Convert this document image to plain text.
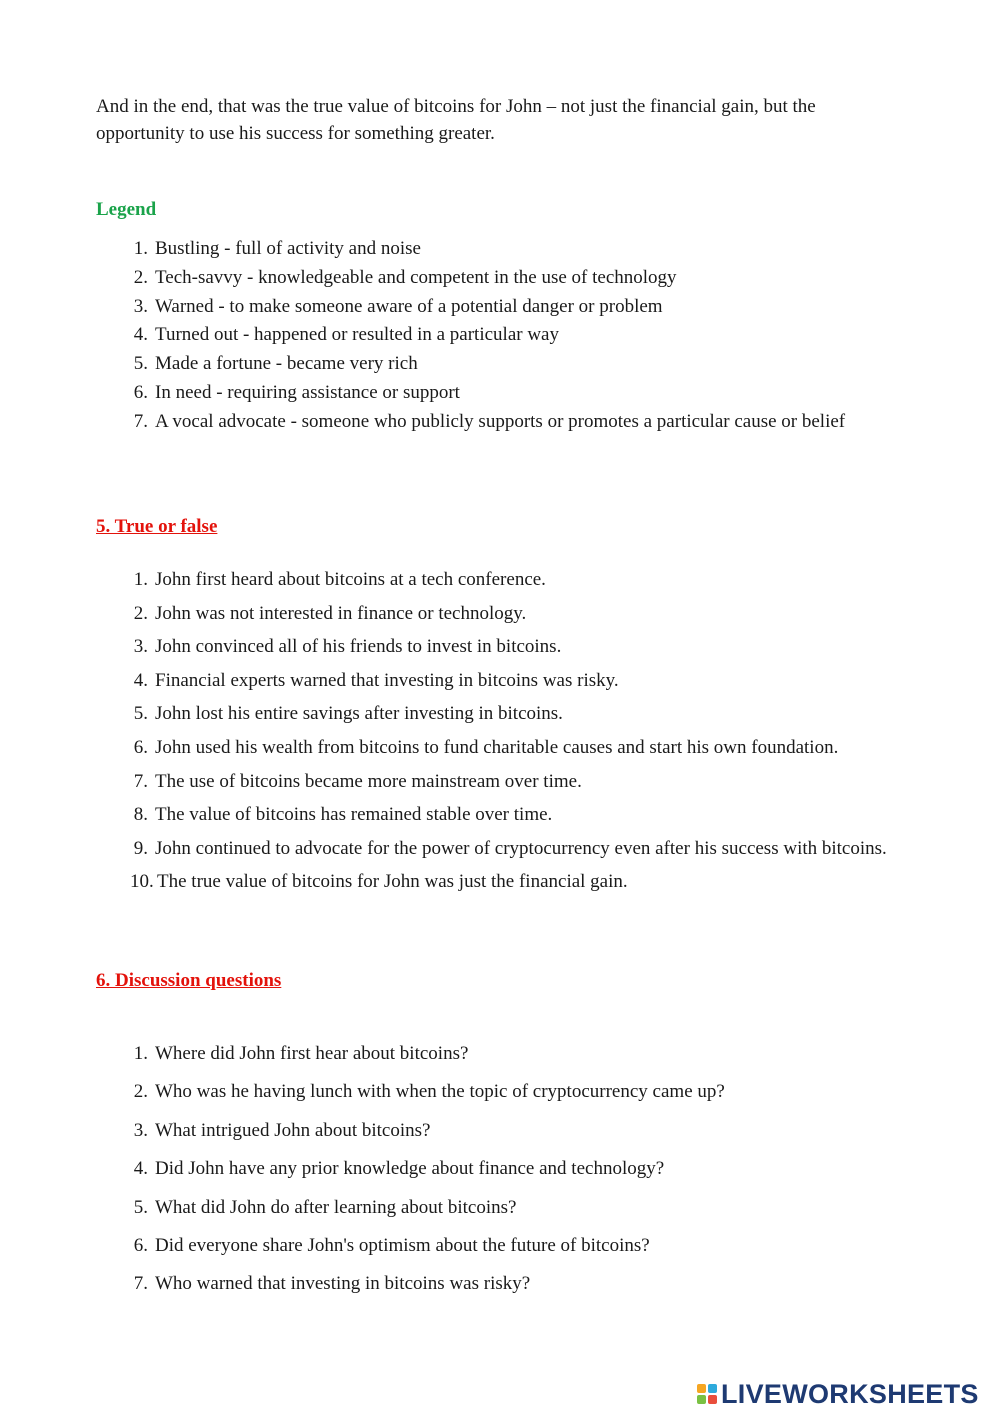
And in the end, that was the true value of bitcoins for John – not just the financial gain, but the opportunity to use his success for something greater.

Legend
1. Bustling - full of activity and noise
2. Tech-savvy - knowledgeable and competent in the use of technology
3. Warned - to make someone aware of a potential danger or problem
4. Turned out - happened or resulted in a particular way
5. Made a fortune - became very rich
6. In need - requiring assistance or support
7. A vocal advocate - someone who publicly supports or promotes a particular cause or belief
5. True or false
1. John first heard about bitcoins at a tech conference.
2. John was not interested in finance or technology.
3. John convinced all of his friends to invest in bitcoins.
4. Financial experts warned that investing in bitcoins was risky.
5. John lost his entire savings after investing in bitcoins.
6. John used his wealth from bitcoins to fund charitable causes and start his own foundation.
7. The use of bitcoins became more mainstream over time.
8. The value of bitcoins has remained stable over time.
9. John continued to advocate for the power of cryptocurrency even after his success with bitcoins.
10. The true value of bitcoins for John was just the financial gain.
6. Discussion questions
1. Where did John first hear about bitcoins?
2. Who was he having lunch with when the topic of cryptocurrency came up?
3. What intrigued John about bitcoins?
4. Did John have any prior knowledge about finance and technology?
5. What did John do after learning about bitcoins?
6. Did everyone share John's optimism about the future of bitcoins?
7. Who warned that investing in bitcoins was risky?
LIVEWORKSHEETS
